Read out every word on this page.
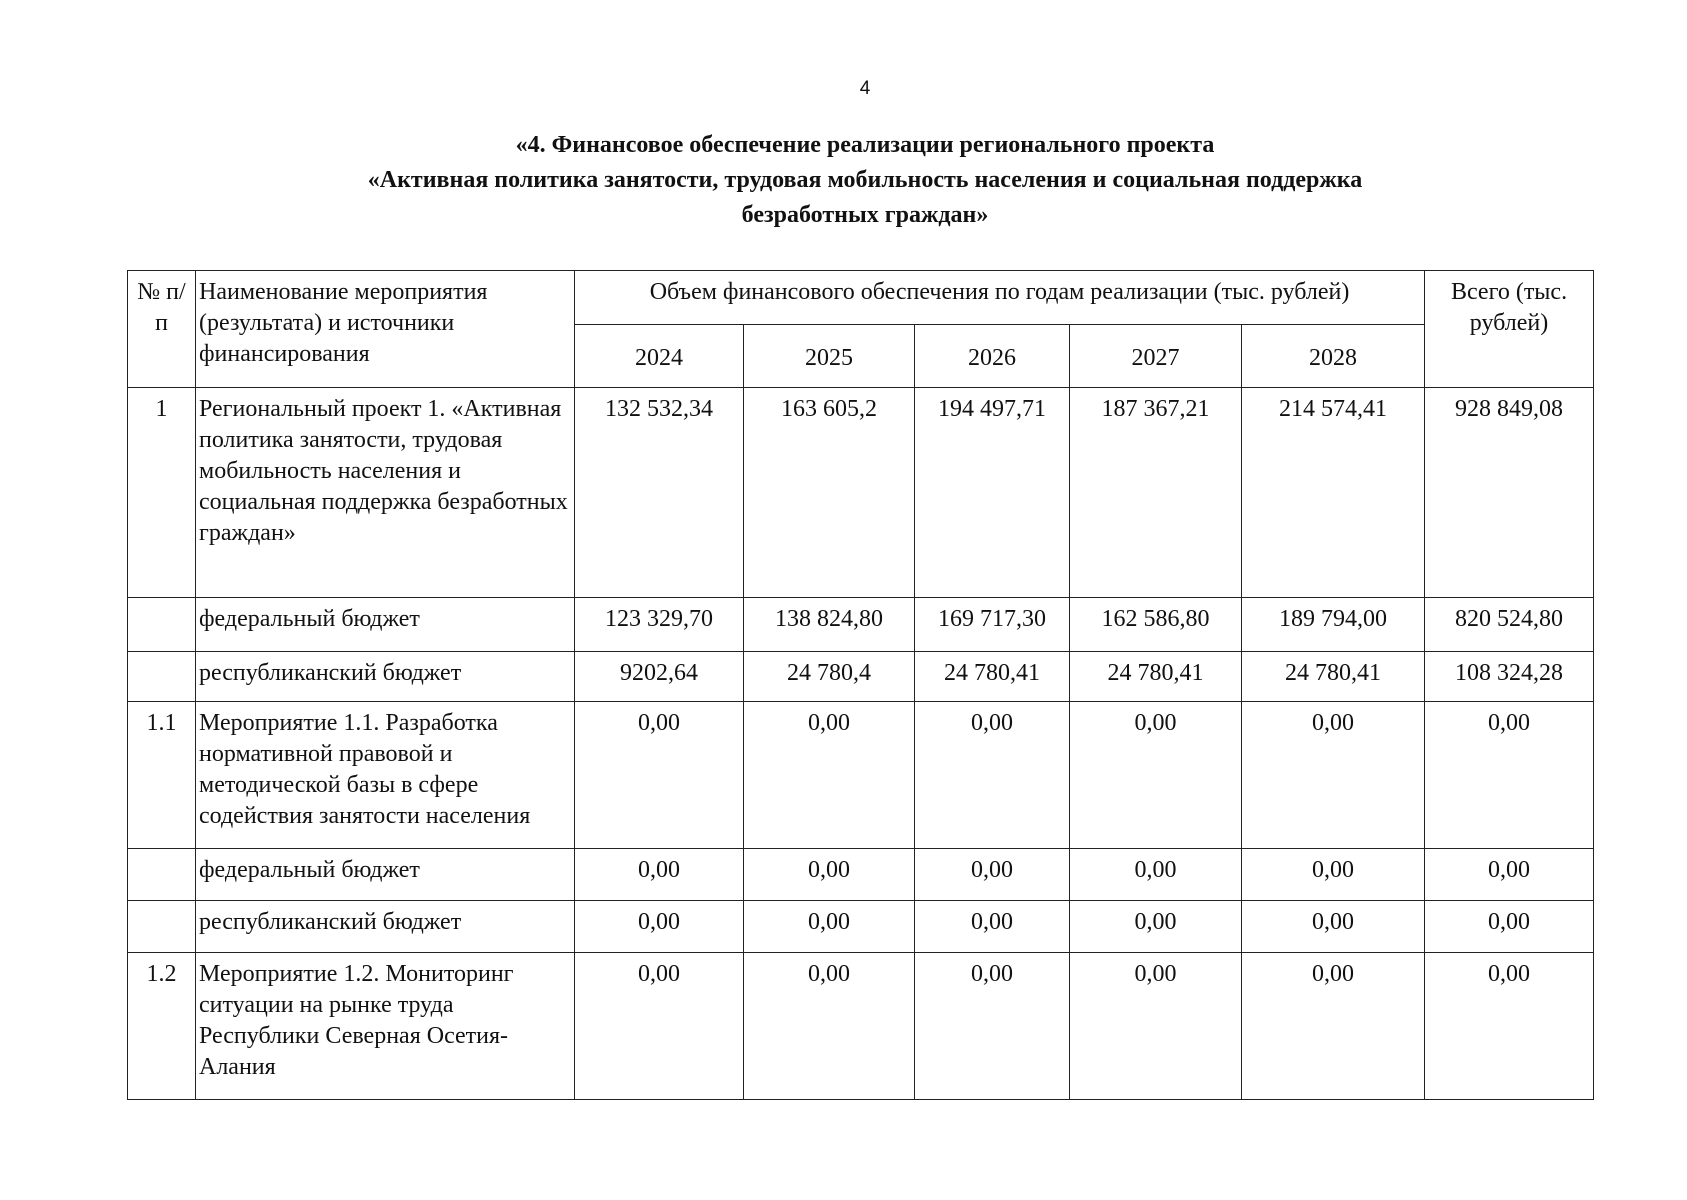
4
«4. Финансовое обеспечение реализации регионального проекта
«Активная политика занятости, трудовая мобильность населения и социальная поддержка
безработных граждан»
№ п/п	Наименование мероприятия (результата) и источники финансирования	Объем финансового обеспечения по годам реализации (тыс. рублей)					Всего (тыс. рублей)
		2024	2025	2026	2027	2028	
1	Региональный проект 1. «Активная политика занятости, трудовая мобильность населения и социальная поддержка безработных граждан»	132 532,34	163 605,2	194 497,71	187 367,21	214 574,41	928 849,08
	федеральный бюджет	123 329,70	138 824,80	169 717,30	162 586,80	189 794,00	820 524,80
	республиканский бюджет	9202,64	24 780,4	24 780,41	24 780,41	24 780,41	108 324,28
1.1	Мероприятие 1.1. Разработка нормативной правовой и методической базы в сфере содействия занятости населения	0,00	0,00	0,00	0,00	0,00	0,00
	федеральный бюджет	0,00	0,00	0,00	0,00	0,00	0,00
	республиканский бюджет	0,00	0,00	0,00	0,00	0,00	0,00
1.2	Мероприятие 1.2. Мониторинг ситуации на рынке труда Республики Северная Осетия-Алания	0,00	0,00	0,00	0,00	0,00	0,00
